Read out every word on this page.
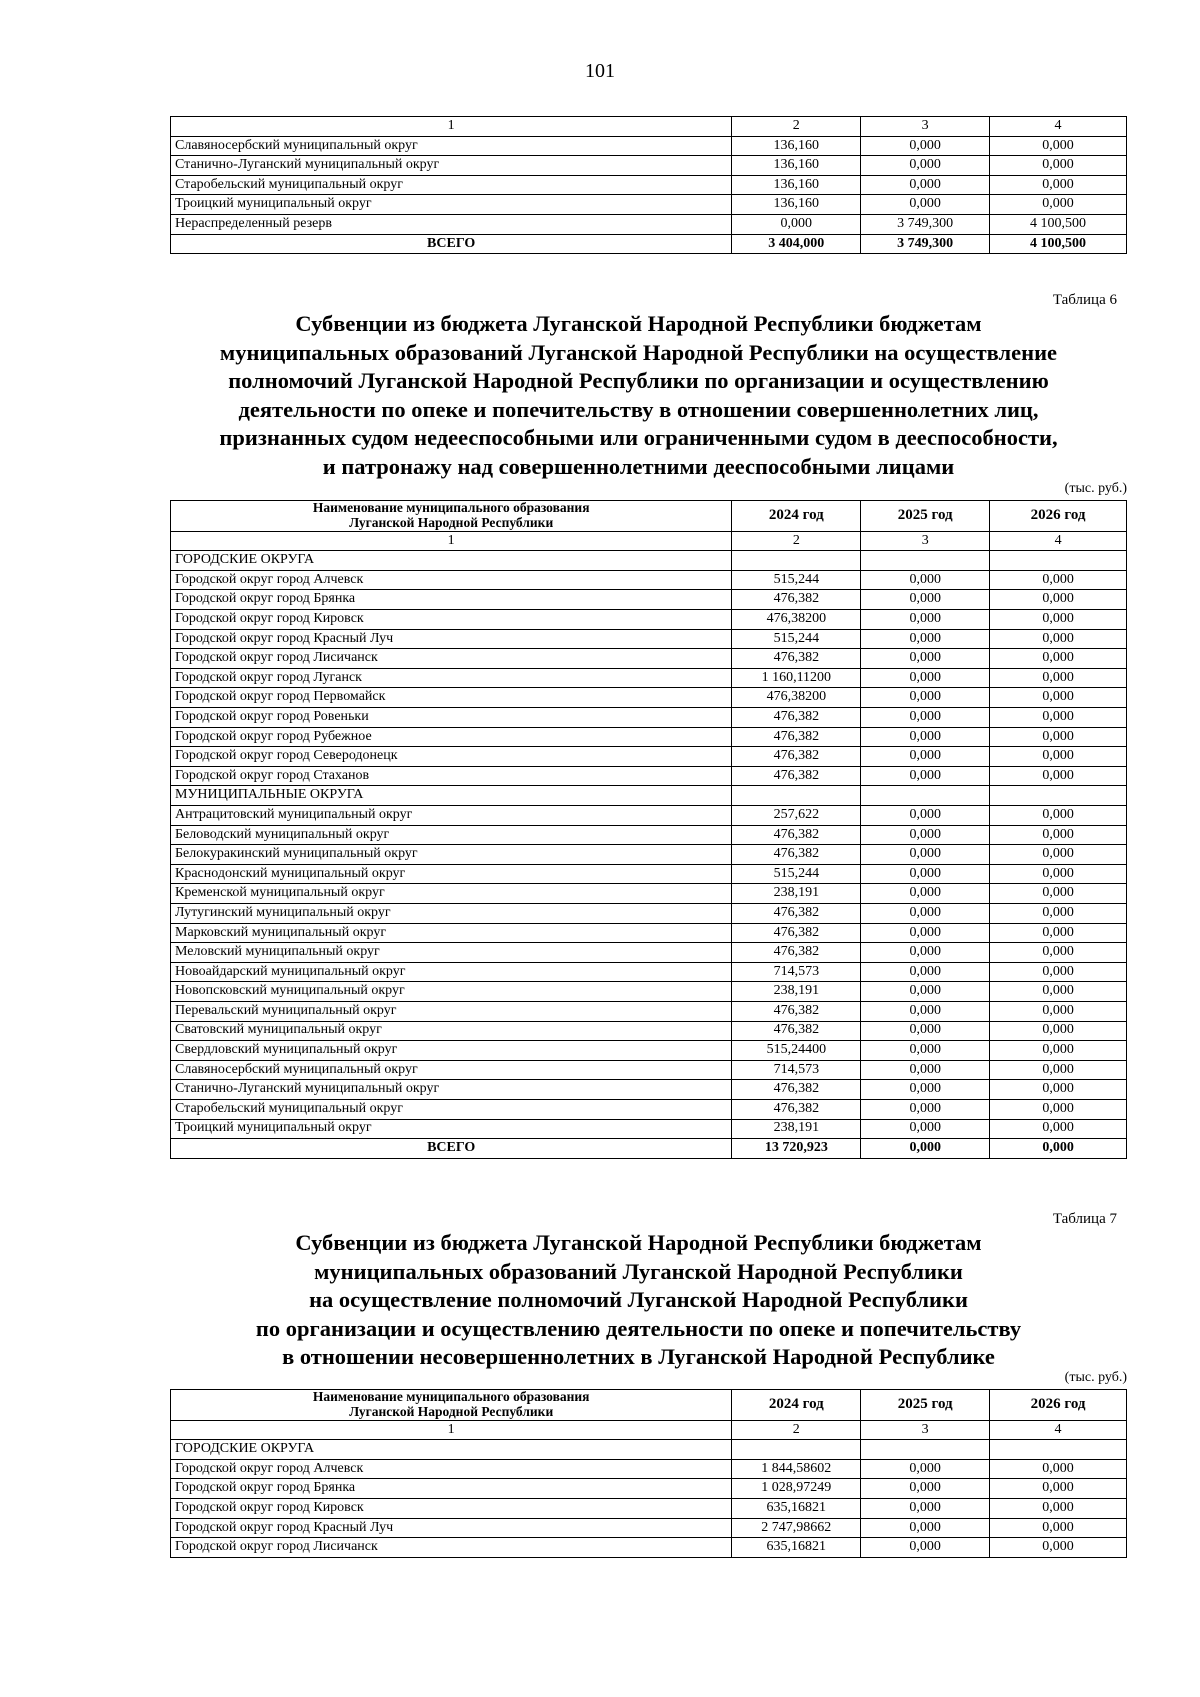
101
1	2	3	4
Славяносербский муниципальный округ	136,160	0,000	0,000
Станично-Луганский муниципальный округ	136,160	0,000	0,000
Старобельский муниципальный округ	136,160	0,000	0,000
Троицкий муниципальный округ	136,160	0,000	0,000
Нераспределенный резерв	0,000	3 749,300	4 100,500
ВСЕГО	3 404,000	3 749,300	4 100,500
Таблица 6
Субвенции из бюджета Луганской Народной Республики бюджетам
муниципальных образований Луганской Народной Республики на осуществление
полномочий Луганской Народной Республики по организации и осуществлению
деятельности по опеке и попечительству в отношении совершеннолетних лиц,
признанных судом недееспособными или ограниченными судом в дееспособности,
и патронажу над совершеннолетними дееспособными лицами
(тыс. руб.)
Наименование муниципального образования
Луганской Народной Республики	2024 год	2025 год	2026 год
1	2	3	4
ГОРОДСКИЕ ОКРУГА			
Городской округ город Алчевск	515,244	0,000	0,000
Городской округ город Брянка	476,382	0,000	0,000
Городской округ город Кировск	476,38200	0,000	0,000
Городской округ город Красный Луч	515,244	0,000	0,000
Городской округ город Лисичанск	476,382	0,000	0,000
Городской округ город Луганск	1 160,11200	0,000	0,000
Городской округ город Первомайск	476,38200	0,000	0,000
Городской округ город Ровеньки	476,382	0,000	0,000
Городской округ город Рубежное	476,382	0,000	0,000
Городской округ город Северодонецк	476,382	0,000	0,000
Городской округ город Стаханов	476,382	0,000	0,000
МУНИЦИПАЛЬНЫЕ ОКРУГА			
Антрацитовский муниципальный округ	257,622	0,000	0,000
Беловодский муниципальный округ	476,382	0,000	0,000
Белокуракинский муниципальный округ	476,382	0,000	0,000
Краснодонский муниципальный округ	515,244	0,000	0,000
Кременской муниципальный округ	238,191	0,000	0,000
Лутугинский муниципальный округ	476,382	0,000	0,000
Марковский муниципальный округ	476,382	0,000	0,000
Меловский муниципальный округ	476,382	0,000	0,000
Новоайдарский муниципальный округ	714,573	0,000	0,000
Новопсковский муниципальный округ	238,191	0,000	0,000
Перевальский муниципальный округ	476,382	0,000	0,000
Сватовский муниципальный округ	476,382	0,000	0,000
Свердловский муниципальный округ	515,24400	0,000	0,000
Славяносербский муниципальный округ	714,573	0,000	0,000
Станично-Луганский муниципальный округ	476,382	0,000	0,000
Старобельский муниципальный округ	476,382	0,000	0,000
Троицкий муниципальный округ	238,191	0,000	0,000
ВСЕГО	13 720,923	0,000	0,000
Таблица 7
Субвенции из бюджета Луганской Народной Республики бюджетам
муниципальных образований Луганской Народной Республики
на осуществление полномочий Луганской Народной Республики
по организации и осуществлению деятельности по опеке и попечительству
в отношении несовершеннолетних в Луганской Народной Республике
(тыс. руб.)
Наименование муниципального образования
Луганской Народной Республики	2024 год	2025 год	2026 год
1	2	3	4
ГОРОДСКИЕ ОКРУГА			
Городской округ город Алчевск	1 844,58602	0,000	0,000
Городской округ город Брянка	1 028,97249	0,000	0,000
Городской округ город Кировск	635,16821	0,000	0,000
Городской округ город Красный Луч	2 747,98662	0,000	0,000
Городской округ город Лисичанск	635,16821	0,000	0,000
